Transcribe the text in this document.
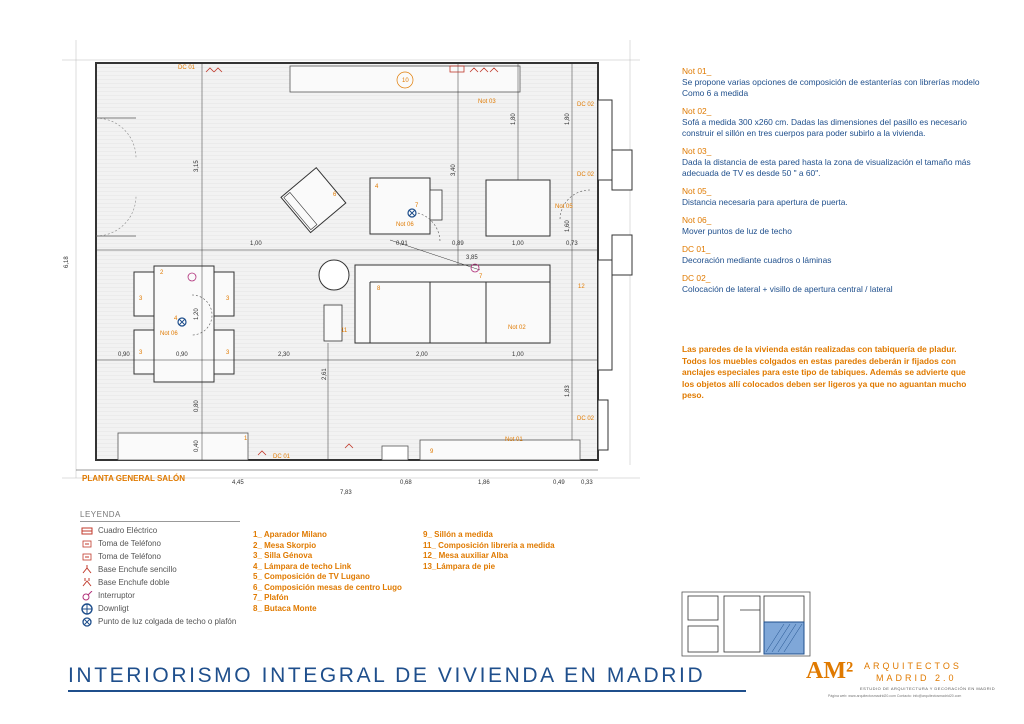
DC 01
DC 02
DC 02
DC 02
DC 01
Not 01
Not 02
Not 03
Not 05
Not 06
Not 06
10
1
2
3
3
3
3
4
4
6
7
7
8
9
11
12
6,18
3,15	3,40
1,80	1,80
1,60
0,91	0,89	1,00	0,73
3,85
2,61
0,80
0,40
1,83
1,00
0,90	0,90	2,30	2,00	1,00
4,45	0,68	1,86	0,49	0,33
7,83
1,20
PLANTA GENERAL SALÓN
Not 01_
Se propone varias opciones de composición de estanterías con librerías modelo Como 6 a medida
Not 02_
Sofá a medida 300 x260 cm. Dadas las dimensiones del pasillo es necesario construir el sillón en tres cuerpos para poder subirlo a la vivienda.
Not 03_
Dada la distancia de esta pared hasta la zona de visualización el tamaño más adecuada de TV es desde 50 " a 60".
Not 05_
Distancia necesaria para apertura de puerta.
Not 06_
Mover puntos de luz de techo
DC 01_
Decoración mediante cuadros o láminas
DC 02_
Colocación de lateral + visillo de apertura central / lateral
Las paredes de la vivienda están realizadas con tabiquería de pladur. Todos los muebles colgados en estas paredes deberán ir fijados con anclajes especiales para este tipo de tabiques. Además se advierte que los objetos allí colocados deben ser ligeros ya que no aguantan mucho peso.
LEYENDA
Cuadro Eléctrico
Toma de Teléfono
Toma de Teléfono
Base Enchufe sencillo
Base Enchufe doble
Interruptor
Downligt
Punto de luz colgada de techo o plafón
1_ Aparador Milano
2_ Mesa Skorpio
3_ Silla Génova
4_ Lámpara de techo Link
5_ Composición de TV Lugano
6_ Composición mesas de centro Lugo
7_ Plafón
8_ Butaca Monte
9_ Sillón a medida
11_ Composición librería a medida
12_ Mesa auxiliar Alba
13_Lámpara de pie
INTERIORISMO INTEGRAL DE VIVIENDA EN MADRID	AM² ARQUITECTOS
MADRID 2.0
ESTUDIO DE ARQUITECTURA Y DECORACIÓN EN MADRID
Página web: www.arquitectosmadrid20.com Contacto: info@arquitectosmadrid20.com
